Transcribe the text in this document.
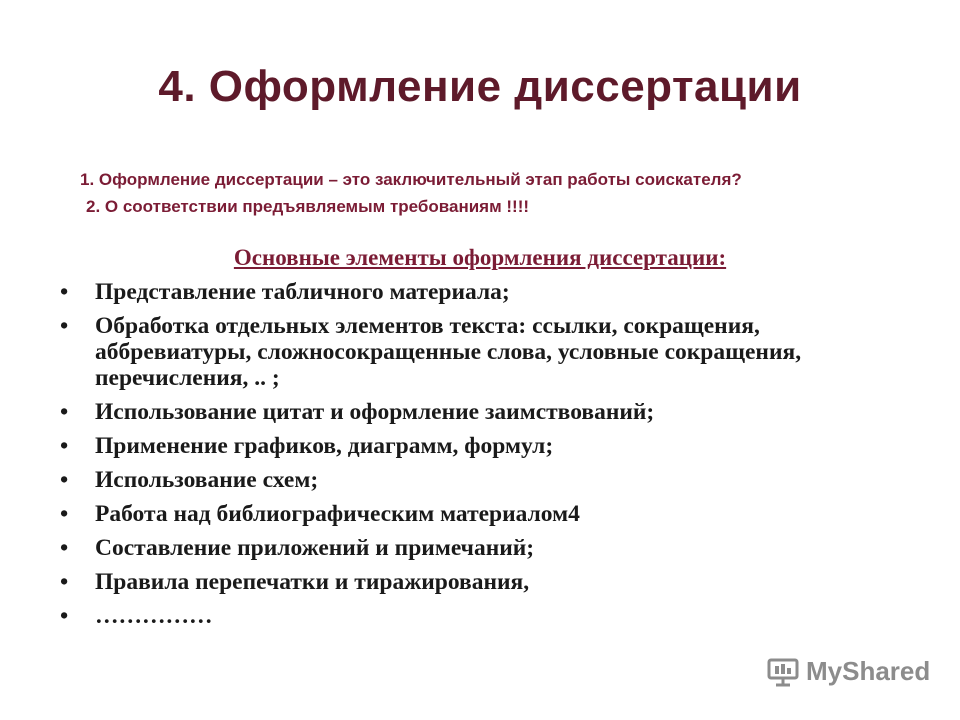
4. Оформление диссертации
1. Оформление диссертации – это заключительный этап работы соискателя?
2. О соответствии предъявляемым требованиям !!!!
Основные элементы оформления диссертации:
• Представление табличного материала;
• Обработка отдельных элементов текста: ссылки, сокращения, аббревиатуры, сложносокращенные слова, условные сокращения, перечисления, .. ;
• Использование цитат и оформление заимствований;
• Применение графиков, диаграмм, формул;
• Использование схем;
• Работа над библиографическим материалом4
• Составление приложений и примечаний;
• Правила перепечатки и тиражирования,
• ……………
MyShared
